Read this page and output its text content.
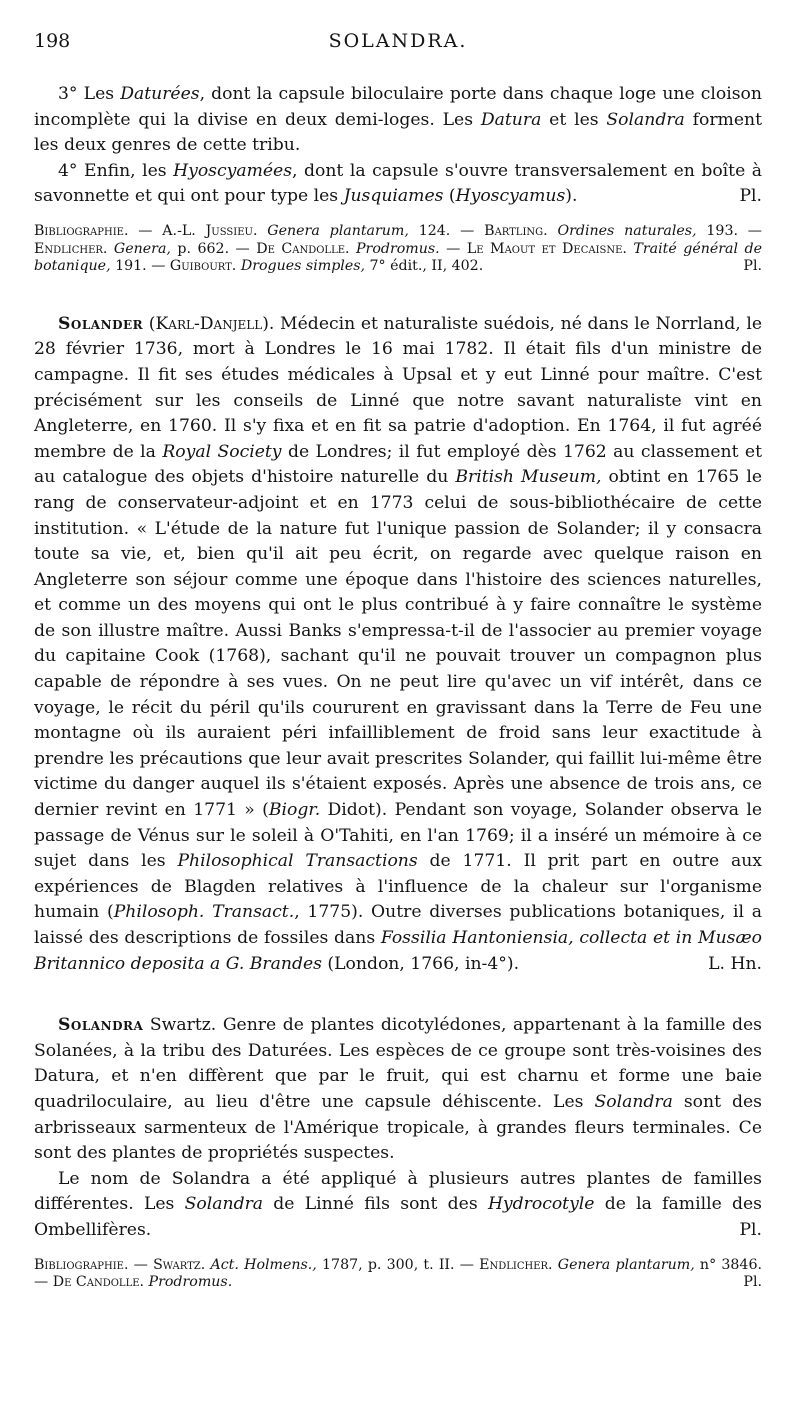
198	SOLANDRA.

3° Les Daturées, dont la capsule biloculaire porte dans chaque loge une cloison incomplète qui la divise en deux demi-loges. Les Datura et les Solandra forment les deux genres de cette tribu.

4° Enfin, les Hyoscyamées, dont la capsule s'ouvre transversalement en boîte à savonnette et qui ont pour type les Jusquiames (Hyoscyamus).	Pl.

Bibliographie. — A.-L. Jussieu. Genera plantarum, 124. — Bartling. Ordines naturales, 193. — Endlicher. Genera, p. 662. — De Candolle. Prodromus. — Le Maout et Decaisne. Traité général de botanique, 191. — Guibourt. Drogues simples, 7° édit., II, 402.	Pl.

Solander (Karl-Danjell). Médecin et naturaliste suédois, né dans le Norrland, le 28 février 1736, mort à Londres le 16 mai 1782. Il était fils d'un ministre de campagne. Il fit ses études médicales à Upsal et y eut Linné pour maître. C'est précisément sur les conseils de Linné que notre savant naturaliste vint en Angleterre, en 1760. Il s'y fixa et en fit sa patrie d'adoption. En 1764, il fut agréé membre de la Royal Society de Londres; il fut employé dès 1762 au classement et au catalogue des objets d'histoire naturelle du British Museum, obtint en 1765 le rang de conservateur-adjoint et en 1773 celui de sous-bibliothécaire de cette institution. « L'étude de la nature fut l'unique passion de Solander; il y consacra toute sa vie, et, bien qu'il ait peu écrit, on regarde avec quelque raison en Angleterre son séjour comme une époque dans l'histoire des sciences naturelles, et comme un des moyens qui ont le plus contribué à y faire connaître le système de son illustre maître. Aussi Banks s'empressa-t-il de l'associer au premier voyage du capitaine Cook (1768), sachant qu'il ne pouvait trouver un compagnon plus capable de répondre à ses vues. On ne peut lire qu'avec un vif intérêt, dans ce voyage, le récit du péril qu'ils coururent en gravissant dans la Terre de Feu une montagne où ils auraient péri infailliblement de froid sans leur exactitude à prendre les précautions que leur avait prescrites Solander, qui faillit lui-même être victime du danger auquel ils s'étaient exposés. Après une absence de trois ans, ce dernier revint en 1771 » (Biogr. Didot). Pendant son voyage, Solander observa le passage de Vénus sur le soleil à O'Tahiti, en l'an 1769; il a inséré un mémoire à ce sujet dans les Philosophical Transactions de 1771. Il prit part en outre aux expériences de Blagden relatives à l'influence de la chaleur sur l'organisme humain (Philosoph. Transact., 1775). Outre diverses publications botaniques, il a laissé des descriptions de fossiles dans Fossilia Hantoniensia, collecta et in Musæo Britannico deposita a G. Brandes (London, 1766, in-4°).	L. Hn.

Solandra Swartz. Genre de plantes dicotylédones, appartenant à la famille des Solanées, à la tribu des Daturées. Les espèces de ce groupe sont très-voisines des Datura, et n'en diffèrent que par le fruit, qui est charnu et forme une baie quadriloculaire, au lieu d'être une capsule déhiscente. Les Solandra sont des arbrisseaux sarmenteux de l'Amérique tropicale, à grandes fleurs terminales. Ce sont des plantes de propriétés suspectes.

Le nom de Solandra a été appliqué à plusieurs autres plantes de familles différentes. Les Solandra de Linné fils sont des Hydrocotyle de la famille des Ombellifères.	Pl.

Bibliographie. — Swartz. Act. Holmens., 1787, p. 300, t. II. — Endlicher. Genera plantarum, n° 3846. — De Candolle. Prodromus.	Pl.
